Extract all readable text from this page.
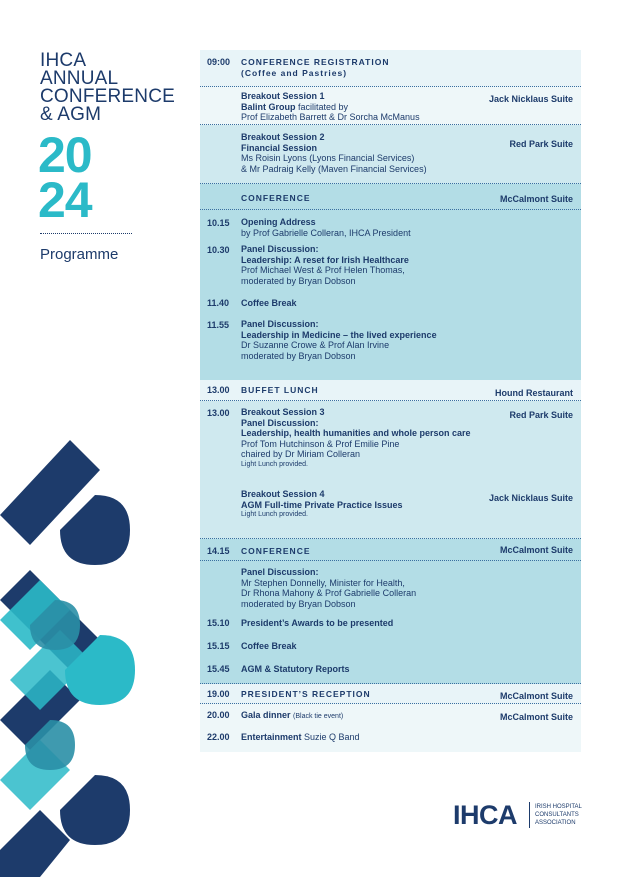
IHCA
ANNUAL
CONFERENCE
& AGM
20
24
Programme
09:00 CONFERENCE REGISTRATION
(Coffee and Pastries)
Breakout Session 1
Balint Group facilitated by
Prof Elizabeth Barrett & Dr Sorcha McManus
Jack Nicklaus Suite
Breakout Session 2
Financial Session
Ms Roisin Lyons (Lyons Financial Services)
& Mr Padraig Kelly (Maven Financial Services)
Red Park Suite
CONFERENCE	McCalmont Suite
10.15 Opening Address
by Prof Gabrielle Colleran, IHCA President
10.30 Panel Discussion:
Leadership: A reset for Irish Healthcare
Prof Michael West & Prof Helen Thomas,
moderated by Bryan Dobson
11.40 Coffee Break
11.55 Panel Discussion:
Leadership in Medicine – the lived experience
Dr Suzanne Crowe & Prof Alan Irvine
moderated by Bryan Dobson
13.00 BUFFET LUNCH	Hound Restaurant
13.00 Breakout Session 3
Panel Discussion:
Leadership, health humanities and whole person care
Prof Tom Hutchinson & Prof Emilie Pine
chaired by Dr Miriam Colleran
Light Lunch provided.
Red Park Suite
Breakout Session 4
AGM Full-time Private Practice Issues
Light Lunch provided.
Jack Nicklaus Suite
14.15 CONFERENCE	McCalmont Suite
Panel Discussion:
Mr Stephen Donnelly, Minister for Health,
Dr Rhona Mahony & Prof Gabrielle Colleran
moderated by Bryan Dobson
15.10 President’s Awards to be presented
15.15 Coffee Break
15.45 AGM & Statutory Reports
19.00 PRESIDENT’S RECEPTION	McCalmont Suite
20.00 Gala dinner (Black tie event)	McCalmont Suite
22.00 Entertainment Suzie Q Band
IHCA	IRISH HOSPITAL
CONSULTANTS
ASSOCIATION
